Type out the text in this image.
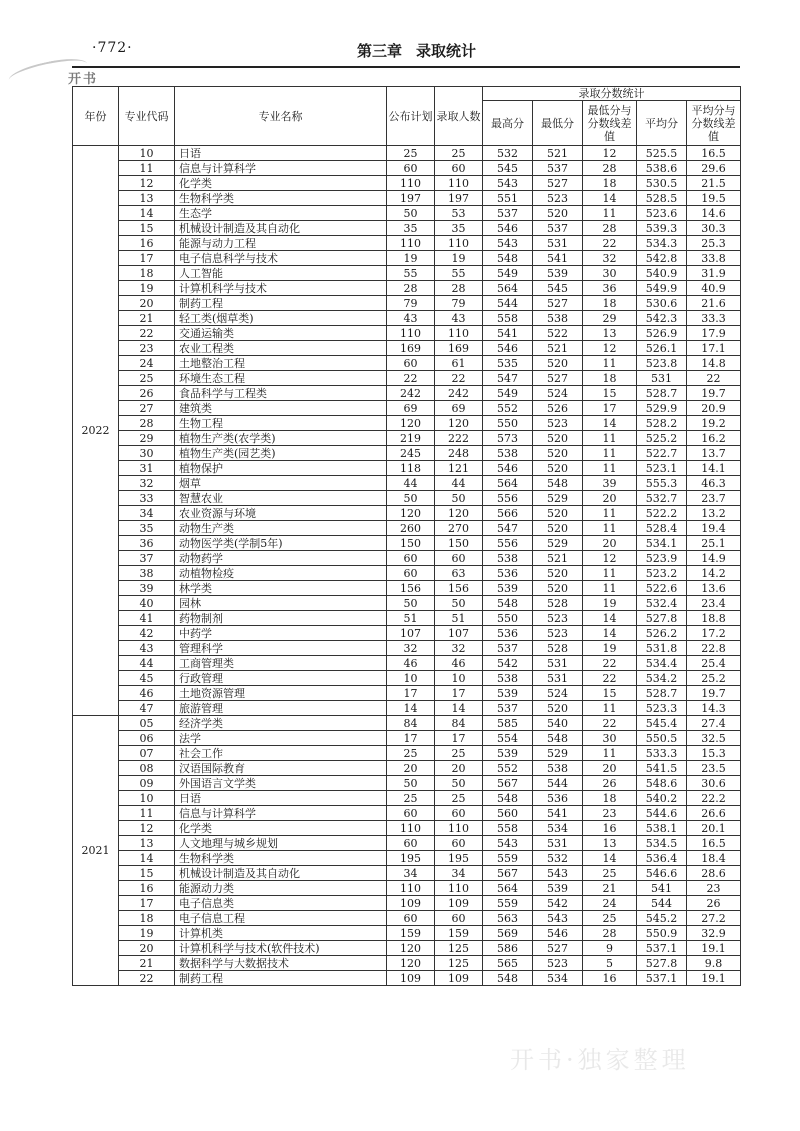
开书
·772·	第三章 录取统计
年份	专业代码	专业名称	公布计划	录取人数	录取分数统计				
					最高分	最低分	最低分与分数线差值	平均分	平均分与分数线差值
2022	10	日语	25	25	532	521	12	525.5	16.5
	11	信息与计算科学	60	60	545	537	28	538.6	29.6
	12	化学类	110	110	543	527	18	530.5	21.5
	13	生物科学类	197	197	551	523	14	528.5	19.5
	14	生态学	50	53	537	520	11	523.6	14.6
	15	机械设计制造及其自动化	35	35	546	537	28	539.3	30.3
	16	能源与动力工程	110	110	543	531	22	534.3	25.3
	17	电子信息科学与技术	19	19	548	541	32	542.8	33.8
	18	人工智能	55	55	549	539	30	540.9	31.9
	19	计算机科学与技术	28	28	564	545	36	549.9	40.9
	20	制药工程	79	79	544	527	18	530.6	21.6
	21	轻工类(烟草类)	43	43	558	538	29	542.3	33.3
	22	交通运输类	110	110	541	522	13	526.9	17.9
	23	农业工程类	169	169	546	521	12	526.1	17.1
	24	土地整治工程	60	61	535	520	11	523.8	14.8
	25	环境生态工程	22	22	547	527	18	531	22
	26	食品科学与工程类	242	242	549	524	15	528.7	19.7
	27	建筑类	69	69	552	526	17	529.9	20.9
	28	生物工程	120	120	550	523	14	528.2	19.2
	29	植物生产类(农学类)	219	222	573	520	11	525.2	16.2
	30	植物生产类(园艺类)	245	248	538	520	11	522.7	13.7
	31	植物保护	118	121	546	520	11	523.1	14.1
	32	烟草	44	44	564	548	39	555.3	46.3
	33	智慧农业	50	50	556	529	20	532.7	23.7
	34	农业资源与环境	120	120	566	520	11	522.2	13.2
	35	动物生产类	260	270	547	520	11	528.4	19.4
	36	动物医学类(学制5年)	150	150	556	529	20	534.1	25.1
	37	动物药学	60	60	538	521	12	523.9	14.9
	38	动植物检疫	60	63	536	520	11	523.2	14.2
	39	林学类	156	156	539	520	11	522.6	13.6
	40	园林	50	50	548	528	19	532.4	23.4
	41	药物制剂	51	51	550	523	14	527.8	18.8
	42	中药学	107	107	536	523	14	526.2	17.2
	43	管理科学	32	32	537	528	19	531.8	22.8
	44	工商管理类	46	46	542	531	22	534.4	25.4
	45	行政管理	10	10	538	531	22	534.2	25.2
	46	土地资源管理	17	17	539	524	15	528.7	19.7
	47	旅游管理	14	14	537	520	11	523.3	14.3
2021	05	经济学类	84	84	585	540	22	545.4	27.4
	06	法学	17	17	554	548	30	550.5	32.5
	07	社会工作	25	25	539	529	11	533.3	15.3
	08	汉语国际教育	20	20	552	538	20	541.5	23.5
	09	外国语言文学类	50	50	567	544	26	548.6	30.6
	10	日语	25	25	548	536	18	540.2	22.2
	11	信息与计算科学	60	60	560	541	23	544.6	26.6
	12	化学类	110	110	558	534	16	538.1	20.1
	13	人文地理与城乡规划	60	60	543	531	13	534.5	16.5
	14	生物科学类	195	195	559	532	14	536.4	18.4
	15	机械设计制造及其自动化	34	34	567	543	25	546.6	28.6
	16	能源动力类	110	110	564	539	21	541	23
	17	电子信息类	109	109	559	542	24	544	26
	18	电子信息工程	60	60	563	543	25	545.2	27.2
	19	计算机类	159	159	569	546	28	550.9	32.9
	20	计算机科学与技术(软件技术)	120	125	586	527	9	537.1	19.1
	21	数据科学与大数据技术	120	125	565	523	5	527.8	9.8
	22	制药工程	109	109	548	534	16	537.1	19.1
开书·独家整理
